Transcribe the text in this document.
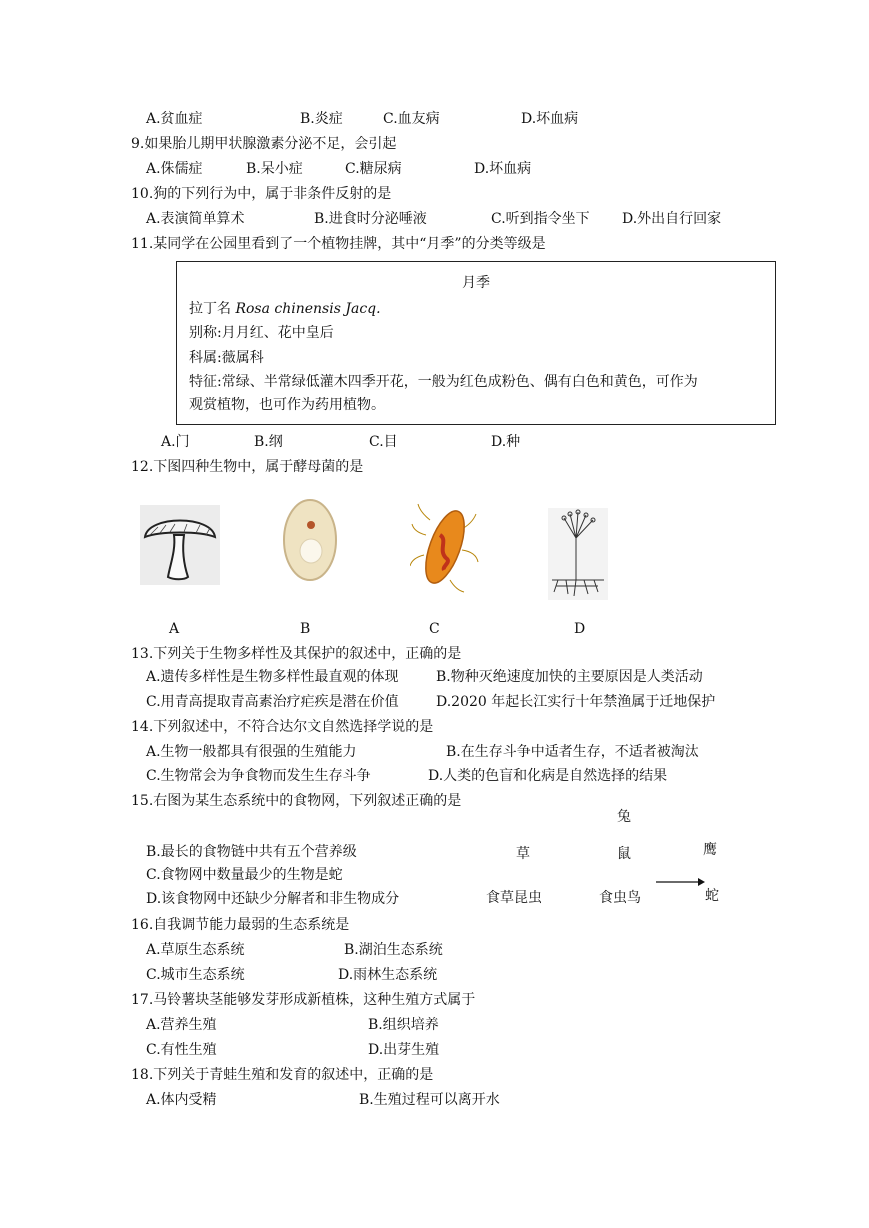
A.贫血症	B.炎症	C.血友病	D.坏血病
9.如果胎儿期甲状腺激素分泌不足，会引起
A.侏儒症	B.呆小症	C.糖尿病	D.坏血病
10.狗的下列行为中，属于非条件反射的是
A.表演简单算术	B.进食时分泌唾液	C.听到指令坐下 D.外出自行回家
11.某同学在公园里看到了一个植物挂牌，其中“月季”的分类等级是
月季
拉丁名 Rosa chinensis Jacq.
别称:月月红、花中皇后
科属:薇属科
特征:常绿、半常绿低灌木四季开花，一般为红色成粉色、偶有白色和黄色，可作为
观赏植物，也可作为药用植物。
A.门	B.纲	C.目	D.种
12.下图四种生物中，属于酵母菌的是
A	B	C	D
13.下列关于生物多样性及其保护的叙述中，正确的是
A.遗传多样性是生物多样性最直观的体现	B.物种灭绝速度加快的主要原因是人类活动
C.用青高提取青高素治疗疟疾是潜在价值	D.2020 年起长江实行十年禁渔属于迁地保护
14.下列叙述中，不符合达尔文自然选择学说的是
A.生物一般都具有很强的生殖能力	B.在生存斗争中适者生存，不适者被淘汰
C.生物常会为争食物而发生生存斗争	D.人类的色盲和化病是自然选择的结果
15.右图为某生态系统中的食物网，下列叙述正确的是
B.最长的食物链中共有五个营养级
C.食物网中数量最少的生物是蛇
D.该食物网中还缺少分解者和非生物成分
兔
草	鼠	鹰
食草昆虫	食虫鸟	蛇
16.自我调节能力最弱的生态系统是
A.草原生态系统	B.湖泊生态系统
C.城市生态系统	D.雨林生态系统
17.马铃薯块茎能够发芽形成新植株，这种生殖方式属于
A.营养生殖	B.组织培养
C.有性生殖	D.出芽生殖
18.下列关于青蛙生殖和发育的叙述中，正确的是
A.体内受精	B.生殖过程可以离开水
